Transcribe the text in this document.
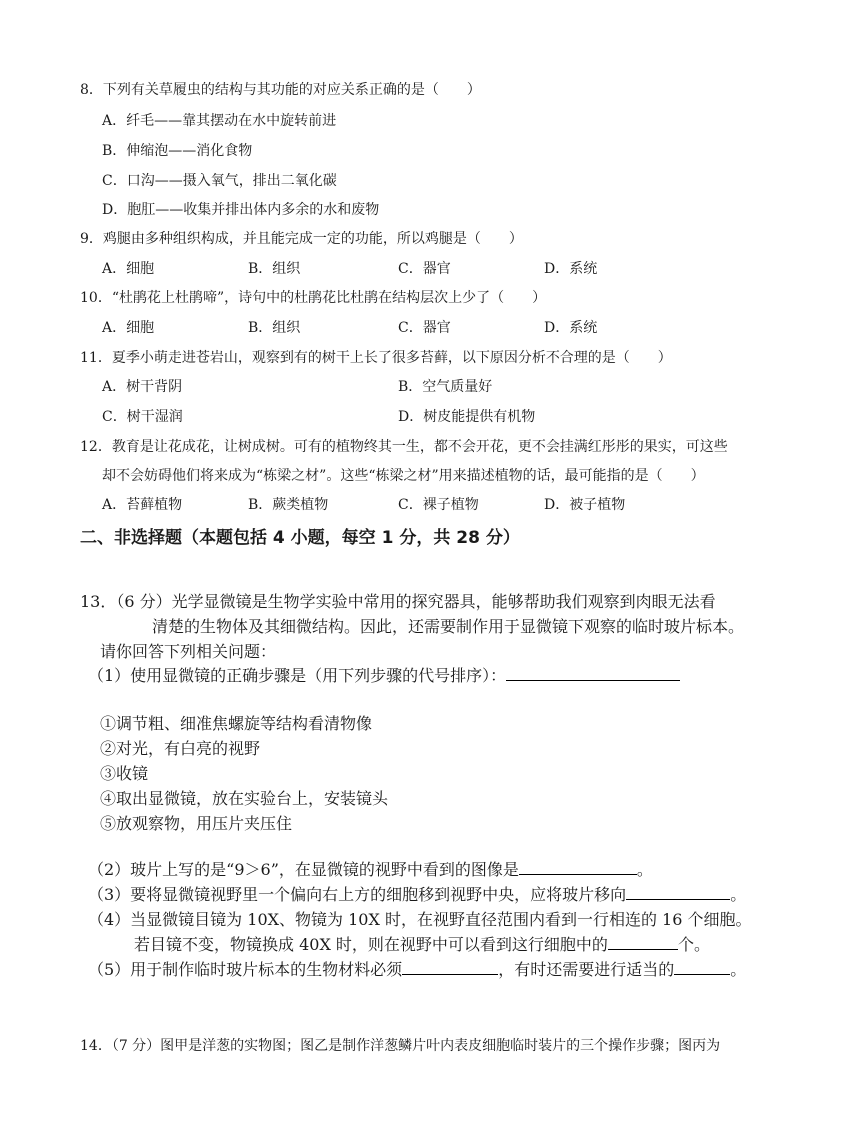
8．下列有关草履虫的结构与其功能的对应关系正确的是（　　）
A．纤毛——靠其摆动在水中旋转前进
B．伸缩泡——消化食物
C．口沟——摄入氧气，排出二氧化碳
D．胞肛——收集并排出体内多余的水和废物
9．鸡腿由多种组织构成，并且能完成一定的功能，所以鸡腿是（　　）
A．细胞	B．组织	C．器官	D．系统
10．“杜鹃花上杜鹃啼”，诗句中的杜鹃花比杜鹃在结构层次上少了（　　）
A．细胞	B．组织	C．器官	D．系统
11．夏季小萌走进苍岩山，观察到有的树干上长了很多苔藓，以下原因分析不合理的是（　　）
A．树干背阴	B．空气质量好
C．树干湿润	D．树皮能提供有机物
12．教育是让花成花，让树成树。可有的植物终其一生，都不会开花，更不会挂满红彤彤的果实，可这些
却不会妨碍他们将来成为“栋梁之材”。这些“栋梁之材”用来描述植物的话，最可能指的是（　　）
A．苔藓植物	B．蕨类植物	C．裸子植物	D．被子植物
二、非选择题（本题包括 4 小题，每空 1 分，共 28 分）
13．（6 分）光学显微镜是生物学实验中常用的探究器具，能够帮助我们观察到肉眼无法看
清楚的生物体及其细微结构。因此，还需要制作用于显微镜下观察的临时玻片标本。
请你回答下列相关问题：
（1）使用显微镜的正确步骤是（用下列步骤的代号排序）：
①调节粗、细准焦螺旋等结构看清物像
②对光，有白亮的视野
③收镜
④取出显微镜，放在实验台上，安装镜头
⑤放观察物，用压片夹压住
（2）玻片上写的是“9＞6”，在显微镜的视野中看到的图像是	。
（3）要将显微镜视野里一个偏向右上方的细胞移到视野中央，应将玻片移向	。
（4）当显微镜目镜为 10X、物镜为 10X 时，在视野直径范围内看到一行相连的 16 个细胞。
若目镜不变，物镜换成 40X 时，则在视野中可以看到这行细胞中的	个。
（5）用于制作临时玻片标本的生物材料必须	，有时还需要进行适当的	。
14．（7 分）图甲是洋葱的实物图；图乙是制作洋葱鳞片叶内表皮细胞临时装片的三个操作步骤；图丙为
